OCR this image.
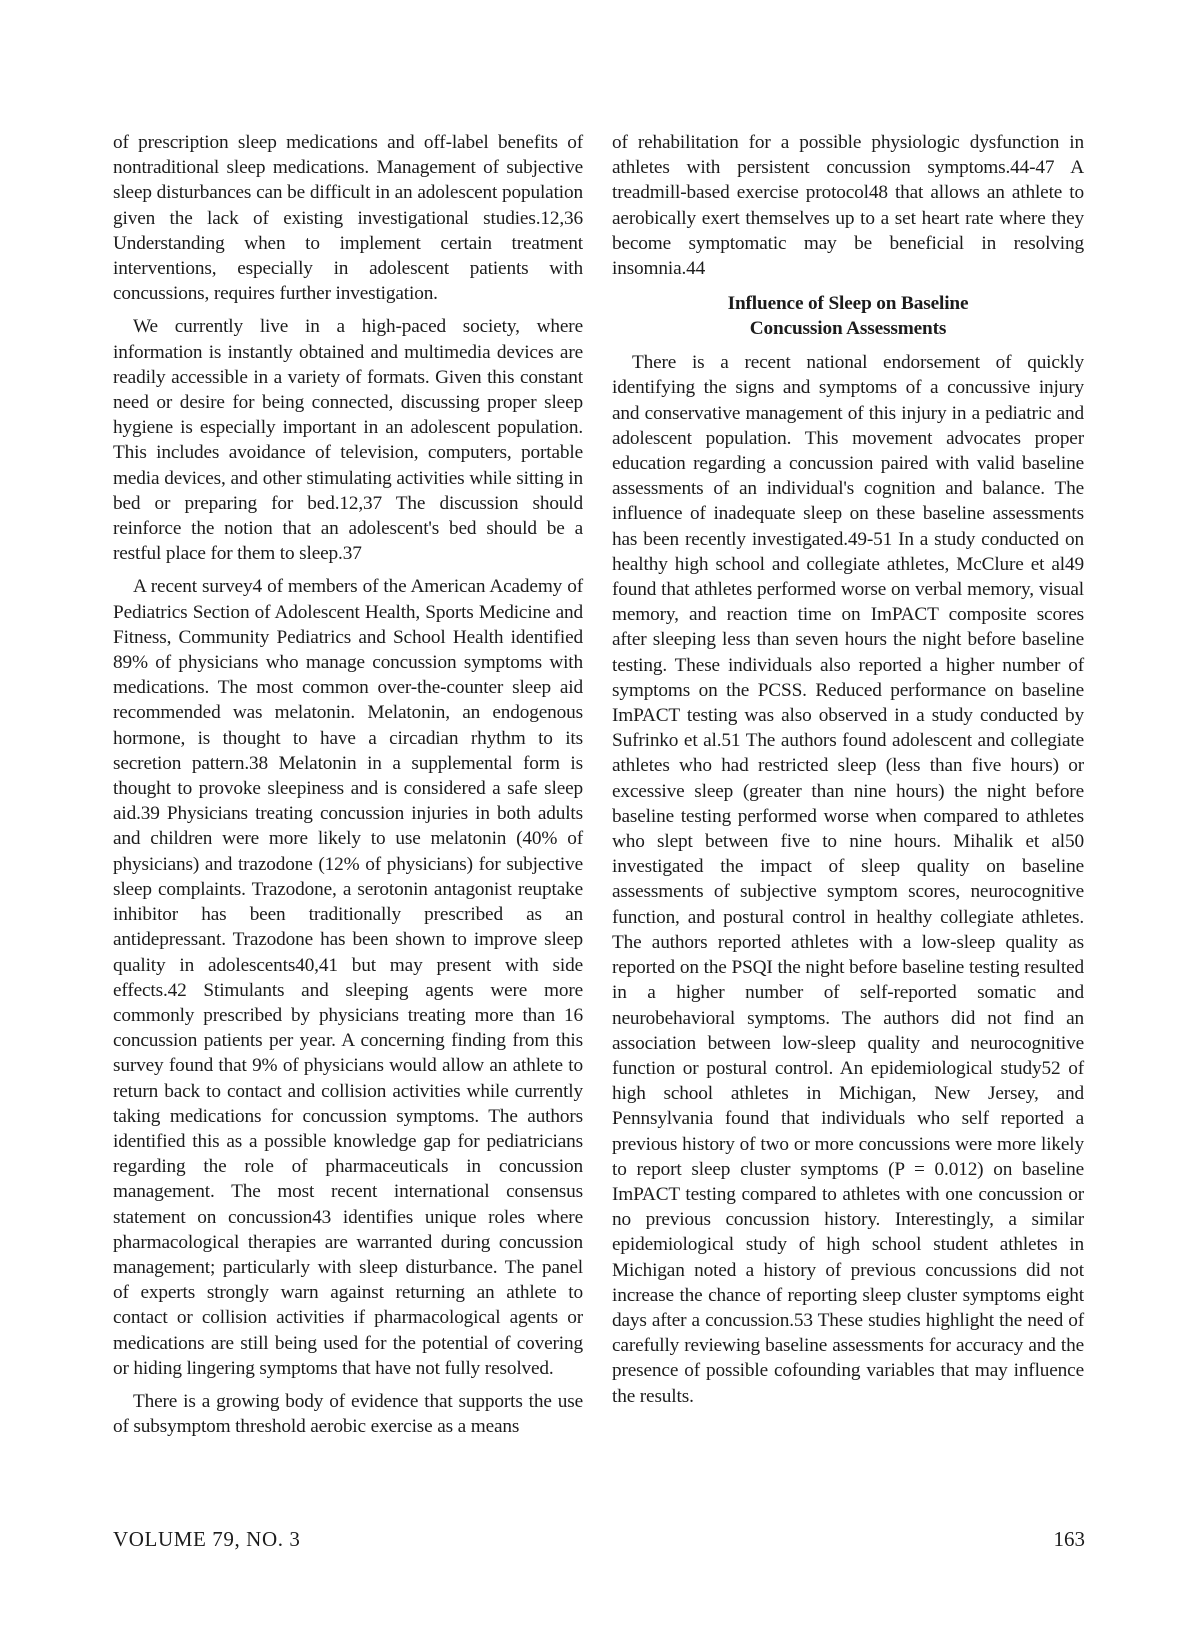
of prescription sleep medications and off-label benefits of nontraditional sleep medications. Management of subjective sleep disturbances can be difficult in an adolescent population given the lack of existing investigational studies.12,36 Understanding when to implement certain treatment interventions, especially in adolescent patients with concussions, requires further investigation.

We currently live in a high-paced society, where information is instantly obtained and multimedia devices are readily accessible in a variety of formats. Given this constant need or desire for being connected, discussing proper sleep hygiene is especially important in an adolescent population. This includes avoidance of television, computers, portable media devices, and other stimulating activities while sitting in bed or preparing for bed.12,37 The discussion should reinforce the notion that an adolescent's bed should be a restful place for them to sleep.37

A recent survey4 of members of the American Academy of Pediatrics Section of Adolescent Health, Sports Medicine and Fitness, Community Pediatrics and School Health identified 89% of physicians who manage concussion symptoms with medications. The most common over-the-counter sleep aid recommended was melatonin. Melatonin, an endogenous hormone, is thought to have a circadian rhythm to its secretion pattern.38 Melatonin in a supplemental form is thought to provoke sleepiness and is considered a safe sleep aid.39 Physicians treating concussion injuries in both adults and children were more likely to use melatonin (40% of physicians) and trazodone (12% of physicians) for subjective sleep complaints. Trazodone, a serotonin antagonist reuptake inhibitor has been traditionally prescribed as an antidepressant. Trazodone has been shown to improve sleep quality in adolescents40,41 but may present with side effects.42 Stimulants and sleeping agents were more commonly prescribed by physicians treating more than 16 concussion patients per year. A concerning finding from this survey found that 9% of physicians would allow an athlete to return back to contact and collision activities while currently taking medications for concussion symptoms. The authors identified this as a possible knowledge gap for pediatricians regarding the role of pharmaceuticals in concussion management. The most recent international consensus statement on concussion43 identifies unique roles where pharmacological therapies are warranted during concussion management; particularly with sleep disturbance. The panel of experts strongly warn against returning an athlete to contact or collision activities if pharmacological agents or medications are still being used for the potential of covering or hiding lingering symptoms that have not fully resolved.

There is a growing body of evidence that supports the use of subsymptom threshold aerobic exercise as a means

of rehabilitation for a possible physiologic dysfunction in athletes with persistent concussion symptoms.44-47 A treadmill-based exercise protocol48 that allows an athlete to aerobically exert themselves up to a set heart rate where they become symptomatic may be beneficial in resolving insomnia.44

Influence of Sleep on Baseline
Concussion Assessments

There is a recent national endorsement of quickly identifying the signs and symptoms of a concussive injury and conservative management of this injury in a pediatric and adolescent population. This movement advocates proper education regarding a concussion paired with valid baseline assessments of an individual's cognition and balance. The influence of inadequate sleep on these baseline assessments has been recently investigated.49-51 In a study conducted on healthy high school and collegiate athletes, McClure et al49 found that athletes performed worse on verbal memory, visual memory, and reaction time on ImPACT composite scores after sleeping less than seven hours the night before baseline testing. These individuals also reported a higher number of symptoms on the PCSS. Reduced performance on baseline ImPACT testing was also observed in a study conducted by Sufrinko et al.51 The authors found adolescent and collegiate athletes who had restricted sleep (less than five hours) or excessive sleep (greater than nine hours) the night before baseline testing performed worse when compared to athletes who slept between five to nine hours. Mihalik et al50 investigated the impact of sleep quality on baseline assessments of subjective symptom scores, neurocognitive function, and postural control in healthy collegiate athletes. The authors reported athletes with a low-sleep quality as reported on the PSQI the night before baseline testing resulted in a higher number of self-reported somatic and neurobehavioral symptoms. The authors did not find an association between low-sleep quality and neurocognitive function or postural control. An epidemiological study52 of high school athletes in Michigan, New Jersey, and Pennsylvania found that individuals who self reported a previous history of two or more concussions were more likely to report sleep cluster symptoms (P = 0.012) on baseline ImPACT testing compared to athletes with one concussion or no previous concussion history. Interestingly, a similar epidemiological study of high school student athletes in Michigan noted a history of previous concussions did not increase the chance of reporting sleep cluster symptoms eight days after a concussion.53 These studies highlight the need of carefully reviewing baseline assessments for accuracy and the presence of possible cofounding variables that may influence the results.

VOLUME 79, NO. 3	163
